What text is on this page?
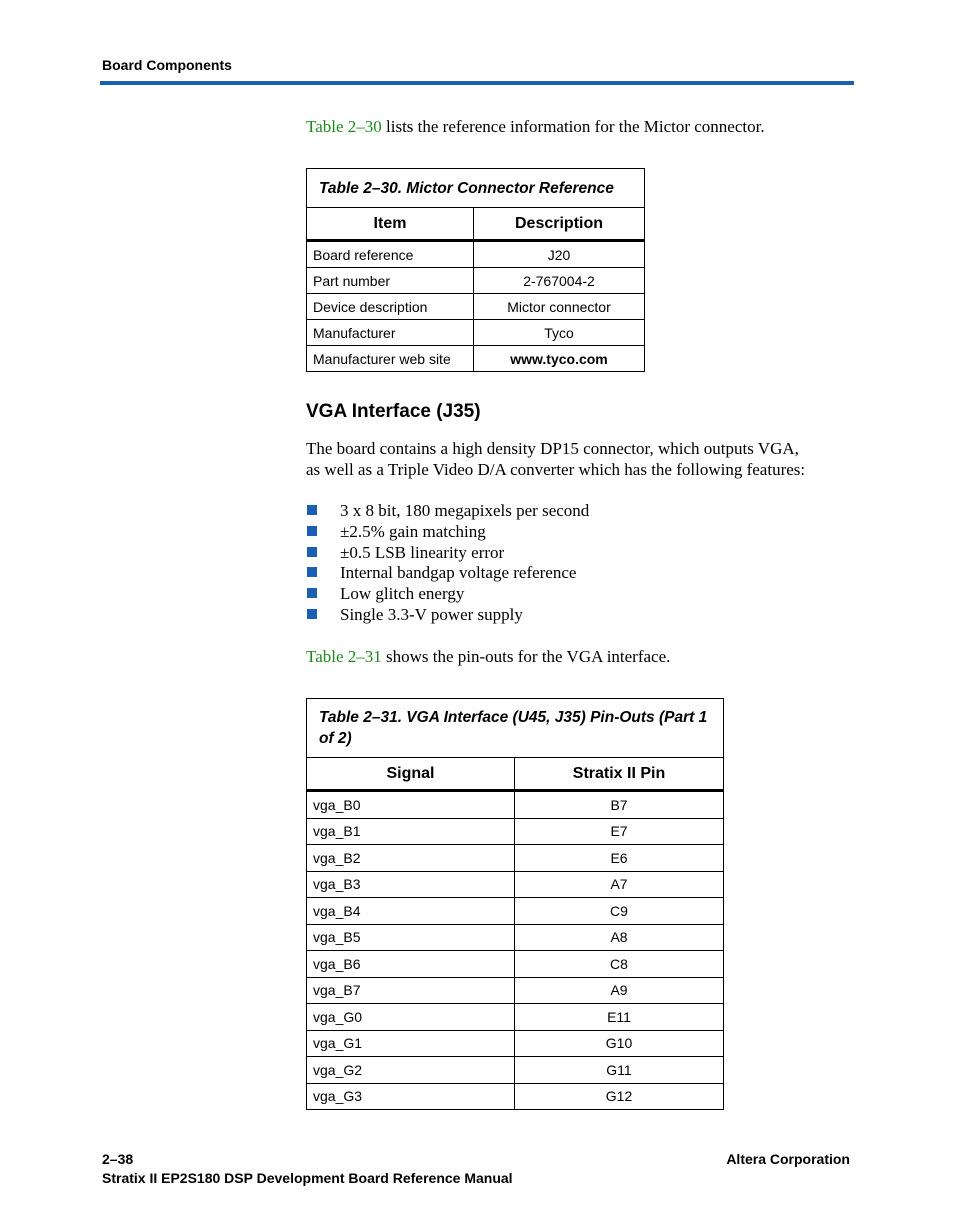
Board Components
Table 2–30 lists the reference information for the Mictor connector.
Table 2–30. Mictor Connector Reference	
Item	Description
Board reference	J20
Part number	2-767004-2
Device description	Mictor connector
Manufacturer	Tyco
Manufacturer web site	www.tyco.com
VGA Interface (J35)
The board contains a high density DP15 connector, which outputs VGA,
as well as a Triple Video D/A converter which has the following features:
3 x 8 bit, 180 megapixels per second
±2.5% gain matching
±0.5 LSB linearity error
Internal bandgap voltage reference
Low glitch energy
Single 3.3-V power supply
Table 2–31 shows the pin-outs for the VGA interface.
Table 2–31. VGA Interface (U45, J35) Pin-Outs (Part 1 of 2)	
Signal	Stratix II Pin
vga_B0	B7
vga_B1	E7
vga_B2	E6
vga_B3	A7
vga_B4	C9
vga_B5	A8
vga_B6	C8
vga_B7	A9
vga_G0	E11
vga_G1	G10
vga_G2	G11
vga_G3	G12
2–38	Altera Corporation
Stratix II EP2S180 DSP Development Board Reference Manual
